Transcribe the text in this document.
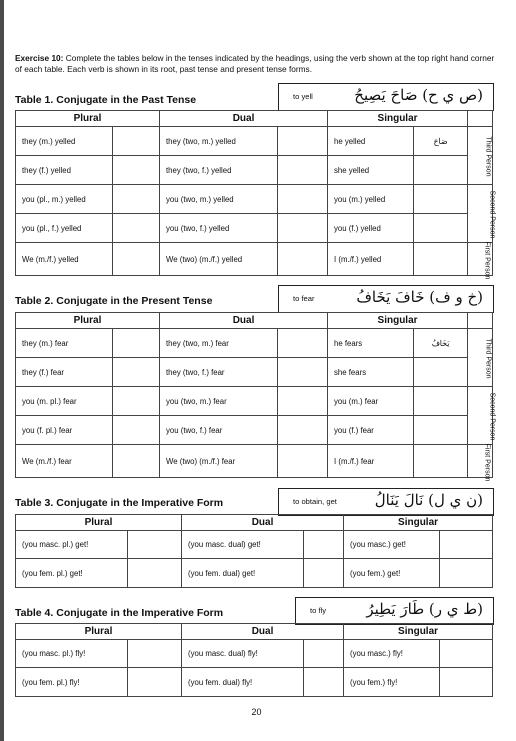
Exercise 10: Complete the tables below in the tenses indicated by the headings, using the verb shown at the top right hand corner of each table. Each verb is shown in its root, past tense and present tense forms.
Table 1. Conjugate in the Past Tense	to yell	(ص ي ح) صَاحَ يَصِيحُ
Plural		Dual		Singular		
they (m.) yelled		they (two, m.) yelled		he yelled	صَاحَ	Third Person
they (f.) yelled		they (two, f.) yelled		she yelled		
you (pl., m.) yelled		you (two, m.) yelled		you (m.) yelled		Second Person
you (pl., f.) yelled		you (two, f.) yelled		you (f.) yelled		
We (m./f.) yelled		We (two) (m./f.) yelled		I (m./f.) yelled		First Person
Table 2. Conjugate in the Present Tense	to fear	(خ و ف) خَافَ يَخَافُ
Plural		Dual		Singular		
they (m.) fear		they (two, m.) fear		he fears	يَخَافُ	Third Person
they (f.) fear		they (two, f.) fear		she fears		
you (m. pl.) fear		you (two, m.) fear		you (m.) fear		Second Person
you (f. pl.) fear		you (two, f.) fear		you (f.) fear		
We (m./f.) fear		We (two) (m./f.) fear		I (m./f.) fear		First Person
Table 3. Conjugate in the Imperative Form	to obtain, get	(ن ي ل) نَالَ يَنَالُ
Plural		Dual		Singular	
(you masc. pl.) get!		(you masc. dual) get!		(you masc.) get!	
(you fem. pl.) get!		(you fem. dual) get!		(you fem.) get!	
Table 4. Conjugate in the Imperative Form	to fly	(ط ي ر) طَارَ يَطِيرُ
Plural		Dual		Singular	
(you masc. pl.) fly!		(you masc. dual) fly!		(you masc.) fly!	
(you fem. pl.) fly!		(you fem. dual) fly!		(you fem.) fly!	
20
